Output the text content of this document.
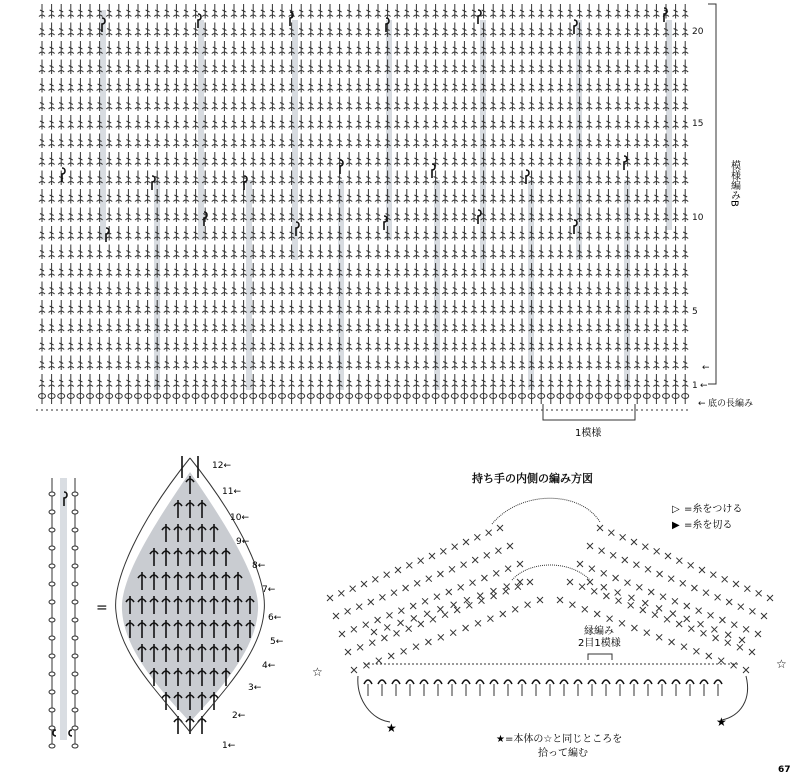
20
15
10
5
←
1 ←
模様編みB
← 底の長編み
1模様
=
12←
11←
10←
9←
8←
7←
6←
5←
4←
3←
2←
1←
持ち手の内側の編み方図
▷ =糸をつける
▶ =糸を切る
縁編み
2目1模様
☆
☆
★	★
★=本体の☆と同じところを
拾って編む
67
